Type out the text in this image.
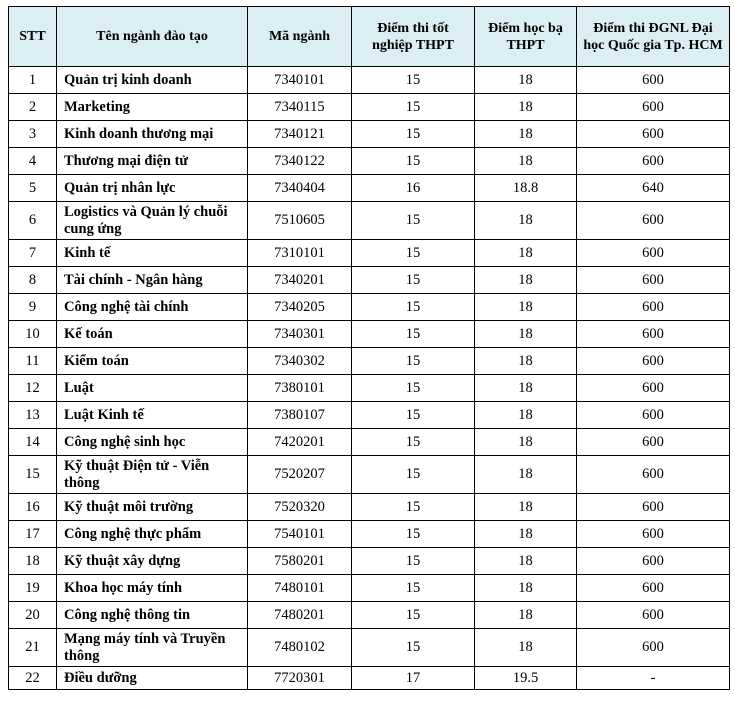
STT	Tên ngành đào tạo	Mã ngành	Điểm thi tốt nghiệp THPT	Điểm học bạ THPT	Điểm thi ĐGNL Đại học Quốc gia Tp. HCM
1	Quản trị kinh doanh	7340101	15	18	600
2	Marketing	7340115	15	18	600
3	Kinh doanh thương mại	7340121	15	18	600
4	Thương mại điện tử	7340122	15	18	600
5	Quản trị nhân lực	7340404	16	18.8	640
6	Logistics và Quản lý chuỗi cung ứng	7510605	15	18	600
7	Kinh tế	7310101	15	18	600
8	Tài chính - Ngân hàng	7340201	15	18	600
9	Công nghệ tài chính	7340205	15	18	600
10	Kế toán	7340301	15	18	600
11	Kiểm toán	7340302	15	18	600
12	Luật	7380101	15	18	600
13	Luật Kinh tế	7380107	15	18	600
14	Công nghệ sinh học	7420201	15	18	600
15	Kỹ thuật Điện tử - Viễn thông	7520207	15	18	600
16	Kỹ thuật môi trường	7520320	15	18	600
17	Công nghệ thực phẩm	7540101	15	18	600
18	Kỹ thuật xây dựng	7580201	15	18	600
19	Khoa học máy tính	7480101	15	18	600
20	Công nghệ thông tin	7480201	15	18	600
21	Mạng máy tính và Truyền thông	7480102	15	18	600
22	Điều dưỡng	7720301	17	19.5	-
